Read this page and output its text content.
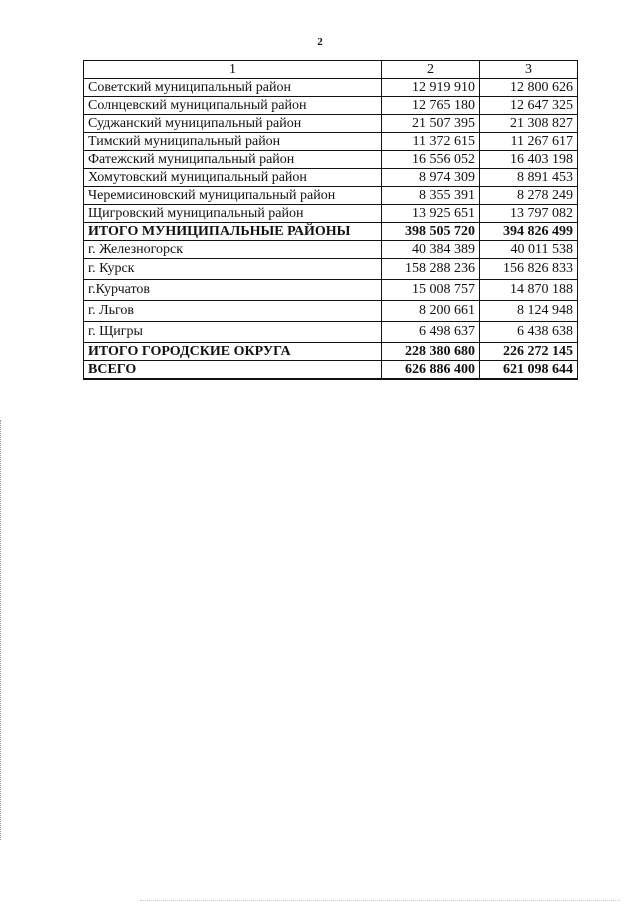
2
1	2	3
Советский муниципальный район	12 919 910	12 800 626
Солнцевский муниципальный район	12 765 180	12 647 325
Суджанский муниципальный район	21 507 395	21 308 827
Тимский муниципальный район	11 372 615	11 267 617
Фатежский муниципальный район	16 556 052	16 403 198
Хомутовский муниципальный район	8 974 309	8 891 453
Черемисиновский муниципальный район	8 355 391	8 278 249
Щигровский муниципальный район	13 925 651	13 797 082
ИТОГО МУНИЦИПАЛЬНЫЕ РАЙОНЫ	398 505 720	394 826 499
г. Железногорск	40 384 389	40 011 538
г. Курск	158 288 236	156 826 833
г.Курчатов	15 008 757	14 870 188
г. Льгов	8 200 661	8 124 948
г. Щигры	6 498 637	6 438 638
ИТОГО ГОРОДСКИЕ ОКРУГА	228 380 680	226 272 145
ВСЕГО	626 886 400	621 098 644
